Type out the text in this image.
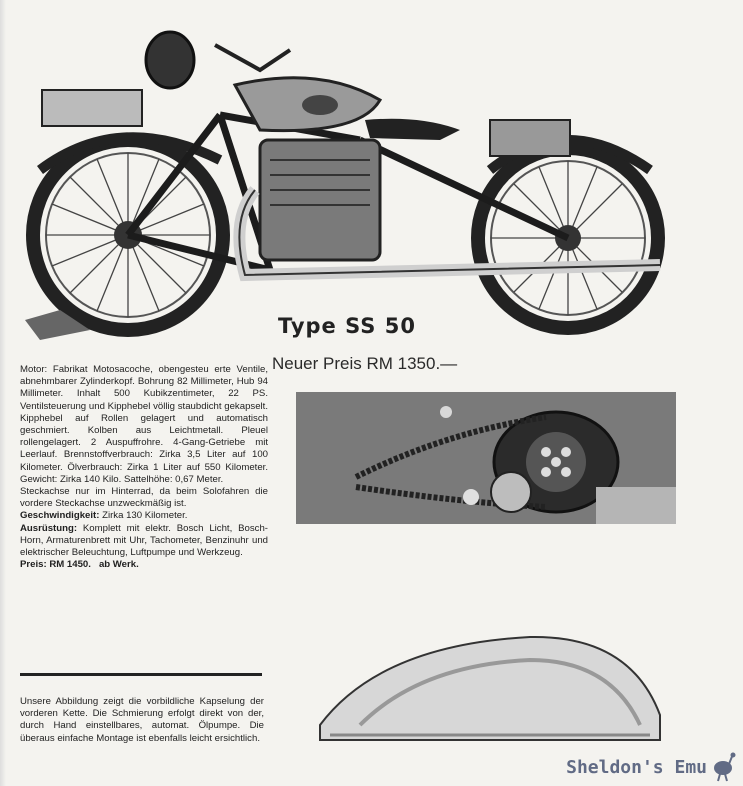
Type SS 50
Neuer Preis RM 1350.—

Motor: Fabrikat Motosacoche, obengesteu erte Ventile, abnehmbarer Zylinderkopf. Bohrung 82 Millimeter, Hub 94 Millimeter. Inhalt 500 Kubikzentimeter, 22 PS. Ventilsteuerung und Kipphebel völlig staubdicht gekapselt. Kipphebel auf Rollen gelagert und automatisch geschmiert. Kolben aus Leichtmetall. Pleuel rollengelagert. 2 Auspuffrohre. 4-Gang-Getriebe mit Leerlauf. Brennstoffverbrauch: Zirka 3,5 Liter auf 100 Kilometer. Ölverbrauch: Zirka 1 Liter auf 550 Kilometer. Gewicht: Zirka 140 Kilo. Sattelhöhe: 0,67 Meter.

Steckachse nur im Hinterrad, da beim Solofahren die vordere Steckachse unzweckmäßig ist.

Geschwindigkeit: Zirka 130 Kilometer.

Ausrüstung: Komplett mit elektr. Bosch Licht, Bosch-Horn, Armaturenbrett mit Uhr, Tachometer, Benzinuhr und elektrischer Beleuchtung, Luftpumpe und Werkzeug.

Preis: RM 1450. ab Werk.

Unsere Abbildung zeigt die vorbildliche Kapselung der vorderen Kette. Die Schmierung erfolgt direkt von der, durch Hand einstellbares, automat. Ölpumpe. Die überaus einfache Montage ist ebenfalls leicht ersichtlich.
Sheldon's Emu
